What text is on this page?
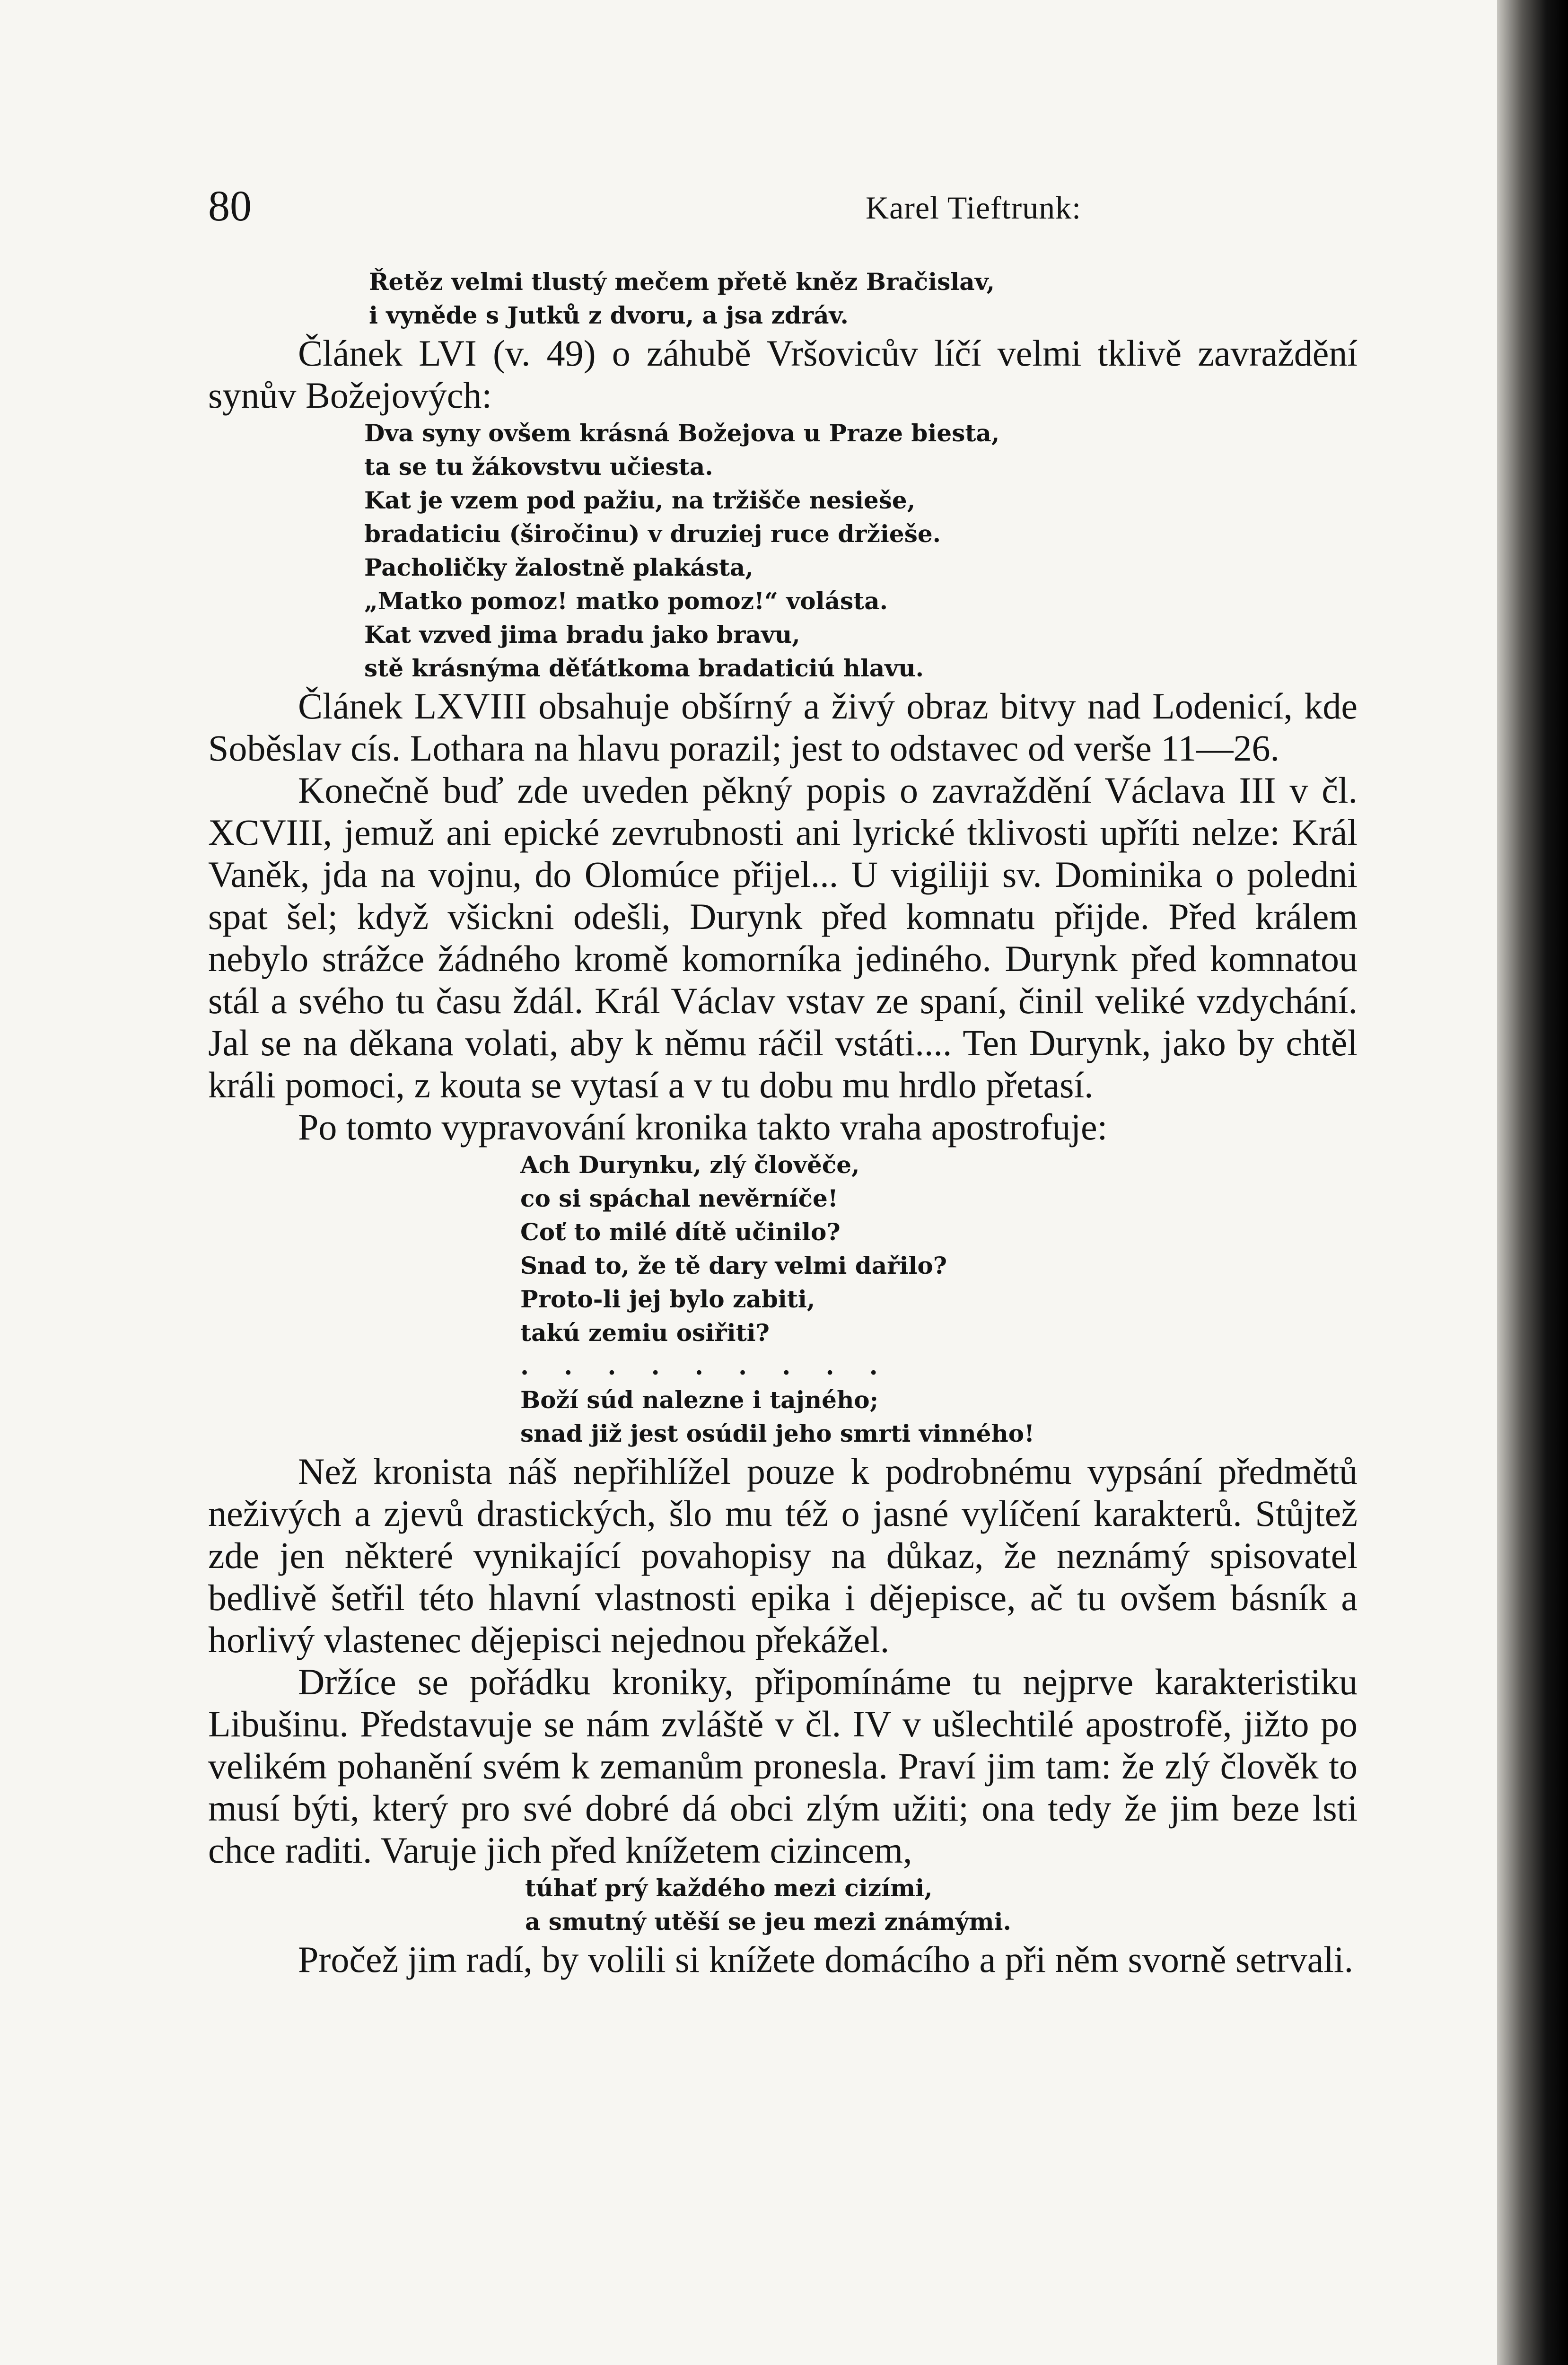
80	Karel Tieftrunk:
Řetěz velmi tlustý mečem přetě kněz Bračislav,
i vyněde s Jutků z dvoru, a jsa zdráv.

Článek LVI (v. 49) o záhubě Vršovicův líčí velmi tklivě zavraždění synův Božejových:

Dva syny ovšem krásná Božejova u Praze biesta,
ta se tu žákovstvu učiesta.
Kat je vzem pod pažiu, na tržišče nesieše,
bradaticiu (širočinu) v druziej ruce držieše.
Pacholičky žalostně plakásta,
„Matko pomoz! matko pomoz!“ volásta.
Kat vzved jima bradu jako bravu,
stě krásnýma děťátkoma bradaticiú hlavu.

Článek LXVIII obsahuje obšírný a živý obraz bitvy nad Lodenicí, kde Soběslav cís. Lothara na hlavu porazil; jest to odstavec od verše 11—26.

Konečně buď zde uveden pěkný popis o zavraždění Václava III v čl. XCVIII, jemuž ani epické zevrubnosti ani lyrické tklivosti upříti nelze: Král Vaněk, jda na vojnu, do Olomúce přijel... U vigiliji sv. Dominika o poledni spat šel; když všickni odešli, Durynk před komnatu přijde. Před králem nebylo strážce žádného kromě komorníka jediného. Durynk před komnatou stál a svého tu času ždál. Král Václav vstav ze spaní, činil veliké vzdychání. Jal se na děkana volati, aby k němu ráčil vstáti.... Ten Durynk, jako by chtěl králi pomoci, z kouta se vytasí a v tu dobu mu hrdlo přetasí.

Po tomto vypravování kronika takto vraha apostrofuje:

Ach Durynku, zlý člověče,
co si spáchal nevěrníče!
Coť to milé dítě učinilo?
Snad to, že tě dary velmi dařilo?
Proto-li jej bylo zabiti,
takú zemiu osiřiti?
. . . . . . . . .
Boží súd nalezne i tajného;
snad již jest osúdil jeho smrti vinného!

Než kronista náš nepřihlížel pouze k podrobnému vypsání předmětů neživých a zjevů drastických, šlo mu též o jasné vylíčení karakterů. Stůjtež zde jen některé vynikající povahopisy na důkaz, že neznámý spisovatel bedlivě šetřil této hlavní vlastnosti epika i dějepisce, ač tu ovšem básník a horlivý vlastenec dějepisci nejednou překážel.

Držíce se pořádku kroniky, připomínáme tu nejprve karakteristiku Libušinu. Představuje se nám zvláště v čl. IV v ušlechtilé apostrofě, jižto po velikém pohanění svém k zemanům pronesla. Praví jim tam: že zlý člověk to musí býti, který pro své dobré dá obci zlým užiti; ona tedy že jim beze lsti chce raditi. Varuje jich před knížetem cizincem,

túhať prý každého mezi cizími,
a smutný utěší se jeu mezi známými.

Pročež jim radí, by volili si knížete domácího a při něm svorně setrvali.
